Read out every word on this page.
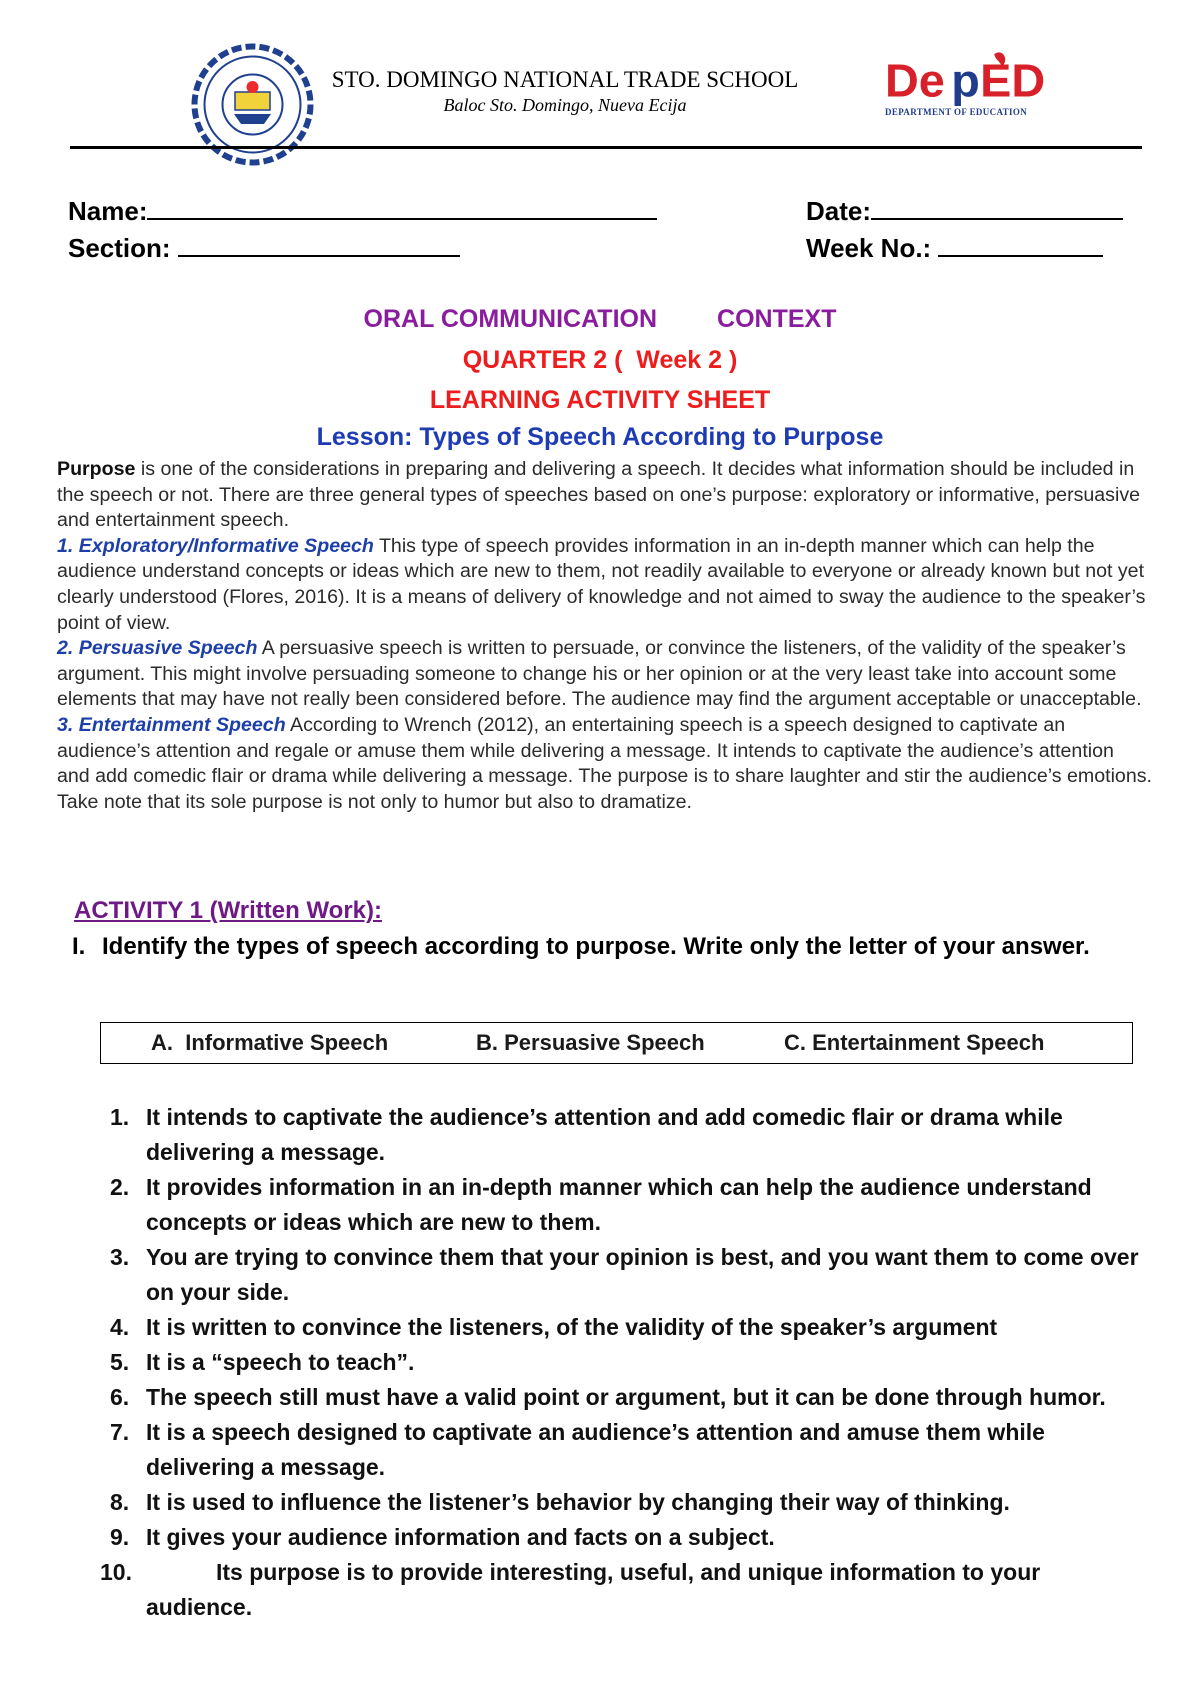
STO. DOMINGO NATIONAL TRADE SCHOOL
Baloc Sto. Domingo, Nueva Ecija	De p ED
DEPARTMENT OF EDUCATION
Name:	Date:
Section:	Week No.:
ORAL COMMUNICATION CONTEXT
QUARTER 2 (  Week 2 )
LEARNING ACTIVITY SHEET
Lesson: Types of Speech According to Purpose

Purpose is one of the considerations in preparing and delivering a speech. It decides what information should be included in the speech or not. There are three general types of speeches based on one’s purpose: exploratory or informative, persuasive and entertainment speech.

1. Exploratory/Informative Speech This type of speech provides information in an in-depth manner which can help the audience understand concepts or ideas which are new to them, not readily available to everyone or already known but not yet clearly understood (Flores, 2016). It is a means of delivery of knowledge and not aimed to sway the audience to the speaker’s point of view.

2. Persuasive Speech A persuasive speech is written to persuade, or convince the listeners, of the validity of the speaker’s argument. This might involve persuading someone to change his or her opinion or at the very least take into account some elements that may have not really been considered before. The audience may find the argument acceptable or unacceptable.

3. Entertainment Speech According to Wrench (2012), an entertaining speech is a speech designed to captivate an audience’s attention and regale or amuse them while delivering a message. It intends to captivate the audience’s attention and add comedic flair or drama while delivering a message. The purpose is to share laughter and stir the audience’s emotions. Take note that its sole purpose is not only to humor but also to dramatize.

ACTIVITY 1 (Written Work):
I. Identify the types of speech according to purpose. Write only the letter of your answer.
A.  Informative Speech	B. Persuasive Speech	C. Entertainment Speech
1. It intends to captivate the audience’s attention and add comedic flair or drama while delivering a message.
2. It provides information in an in-depth manner which can help the audience understand concepts or ideas which are new to them.
3. You are trying to convince them that your opinion is best, and you want them to come over on your side.
4. It is written to convince the listeners, of the validity of the speaker’s argument
5. It is a “speech to teach”.
6. The speech still must have a valid point or argument, but it can be done through humor.
7. It is a speech designed to captivate an audience’s attention and amuse them while delivering a message.
8. It is used to influence the listener’s behavior by changing their way of thinking.
9. It gives your audience information and facts on a subject.
10.	Its purpose is to provide interesting, useful, and unique information to your audience.
